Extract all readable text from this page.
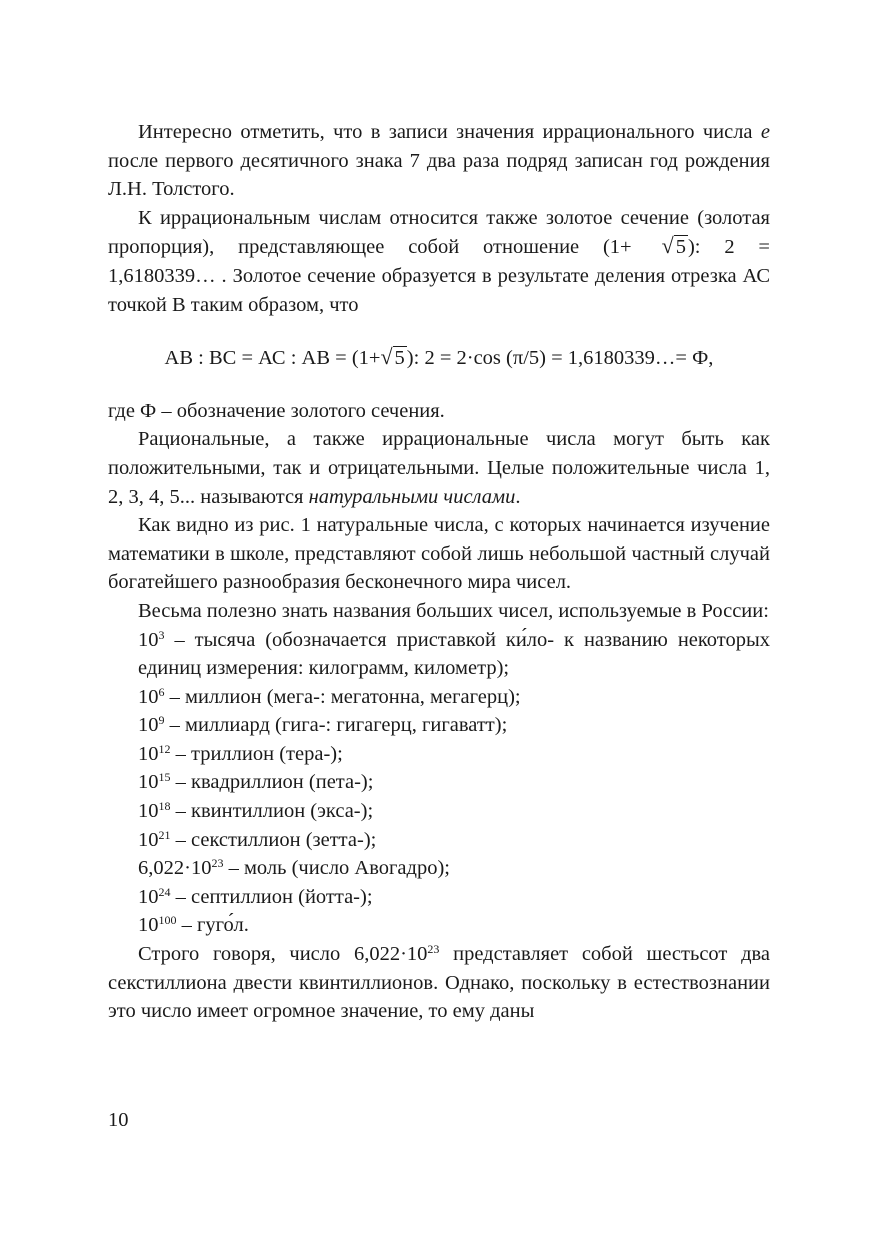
Интересно отметить, что в записи значения иррационального числа e после первого десятичного знака 7 два раза подряд записан год рождения Л.Н. Толстого.

К иррациональным числам относится также золотое сечение (золотая пропорция), представляющее собой отношение (1+ √5): 2 = 1,6180339… . Золотое сечение образуется в результате деления отрезка АС точкой В таким образом, что

АВ : ВС = АС : АВ = (1+√5): 2 = 2·cos (π/5) = 1,6180339…= Ф,

где Ф – обозначение золотого сечения.

Рациональные, а также иррациональные числа могут быть как положительными, так и отрицательными. Целые положительные числа 1, 2, 3, 4, 5... называются натуральными числами.

Как видно из рис. 1 натуральные числа, с которых начинается изучение математики в школе, представляют собой лишь небольшой частный случай богатейшего разнообразия бесконечного мира чисел.

Весьма полезно знать названия больших чисел, используемые в России:

$10^3$ – тысяча (обозначается приставкой ки́ло- к названию некоторых единиц измерения: килограмм, километр);
$10^6$ – миллион (мега-: мегатонна, мегагерц);
$10^9$ – миллиард (гига-: гигагерц, гигаватт);
$10^{12}$ – триллион (тера-);
$10^{15}$ – квадриллион (пета-);
$10^{18}$ – квинтиллион (экса-);
$10^{21}$ – секстиллион (зетта-);
$6,022\cdot 10^{23}$ – моль (число Авогадро);
$10^{24}$ – септиллион (йотта-);
$10^{100}$ – гуго́л.

Строго говоря, число $6,022\cdot 10^{23}$ представляет собой шестьсот два секстиллиона двести квинтиллионов. Однако, поскольку в естествознании это число имеет огромное значение, то ему даны

10
